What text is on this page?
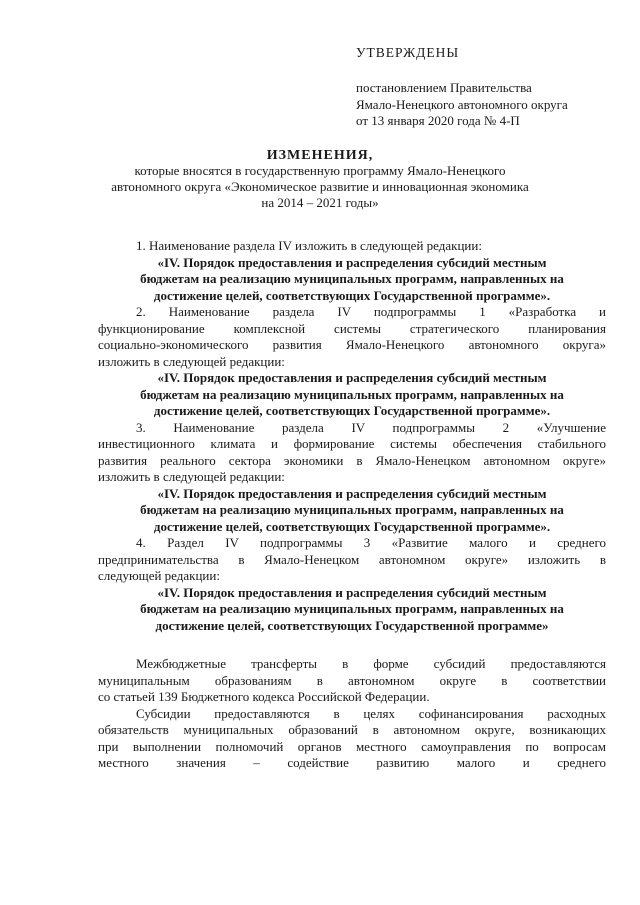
УТВЕРЖДЕНЫ
постановлением Правительства
Ямало-Ненецкого автономного округа
от 13 января 2020 года № 4-П
ИЗМЕНЕНИЯ,
которые вносятся в государственную программу Ямало-Ненецкого
автономного округа «Экономическое развитие и инновационная экономика
на 2014 – 2021 годы»
1. Наименование раздела IV изложить в следующей редакции:
«IV. Порядок предоставления и распределения субсидий местным
бюджетам на реализацию муниципальных программ, направленных на
достижение целей, соответствующих Государственной программе».
2. Наименование раздела IV подпрограммы 1 «Разработка и
функционирование комплексной системы стратегического планирования
социально-экономического развития Ямало-Ненецкого автономного округа»
изложить в следующей редакции:
«IV. Порядок предоставления и распределения субсидий местным
бюджетам на реализацию муниципальных программ, направленных на
достижение целей, соответствующих Государственной программе».
3. Наименование раздела IV подпрограммы 2 «Улучшение
инвестиционного климата и формирование системы обеспечения стабильного
развития реального сектора экономики в Ямало-Ненецком автономном округе»
изложить в следующей редакции:
«IV. Порядок предоставления и распределения субсидий местным
бюджетам на реализацию муниципальных программ, направленных на
достижение целей, соответствующих Государственной программе».
4. Раздел IV подпрограммы 3 «Развитие малого и среднего
предпринимательства в Ямало-Ненецком автономном округе» изложить в
следующей редакции:
«IV. Порядок предоставления и распределения субсидий местным
бюджетам на реализацию муниципальных программ, направленных на
достижение целей, соответствующих Государственной программе»
Межбюджетные трансферты в форме субсидий предоставляются
муниципальным образованиям в автономном округе в соответствии
со статьей 139 Бюджетного кодекса Российской Федерации.
Субсидии предоставляются в целях софинансирования расходных
обязательств муниципальных образований в автономном округе, возникающих
при выполнении полномочий органов местного самоуправления по вопросам
местного значения – содействие развитию малого и среднего
